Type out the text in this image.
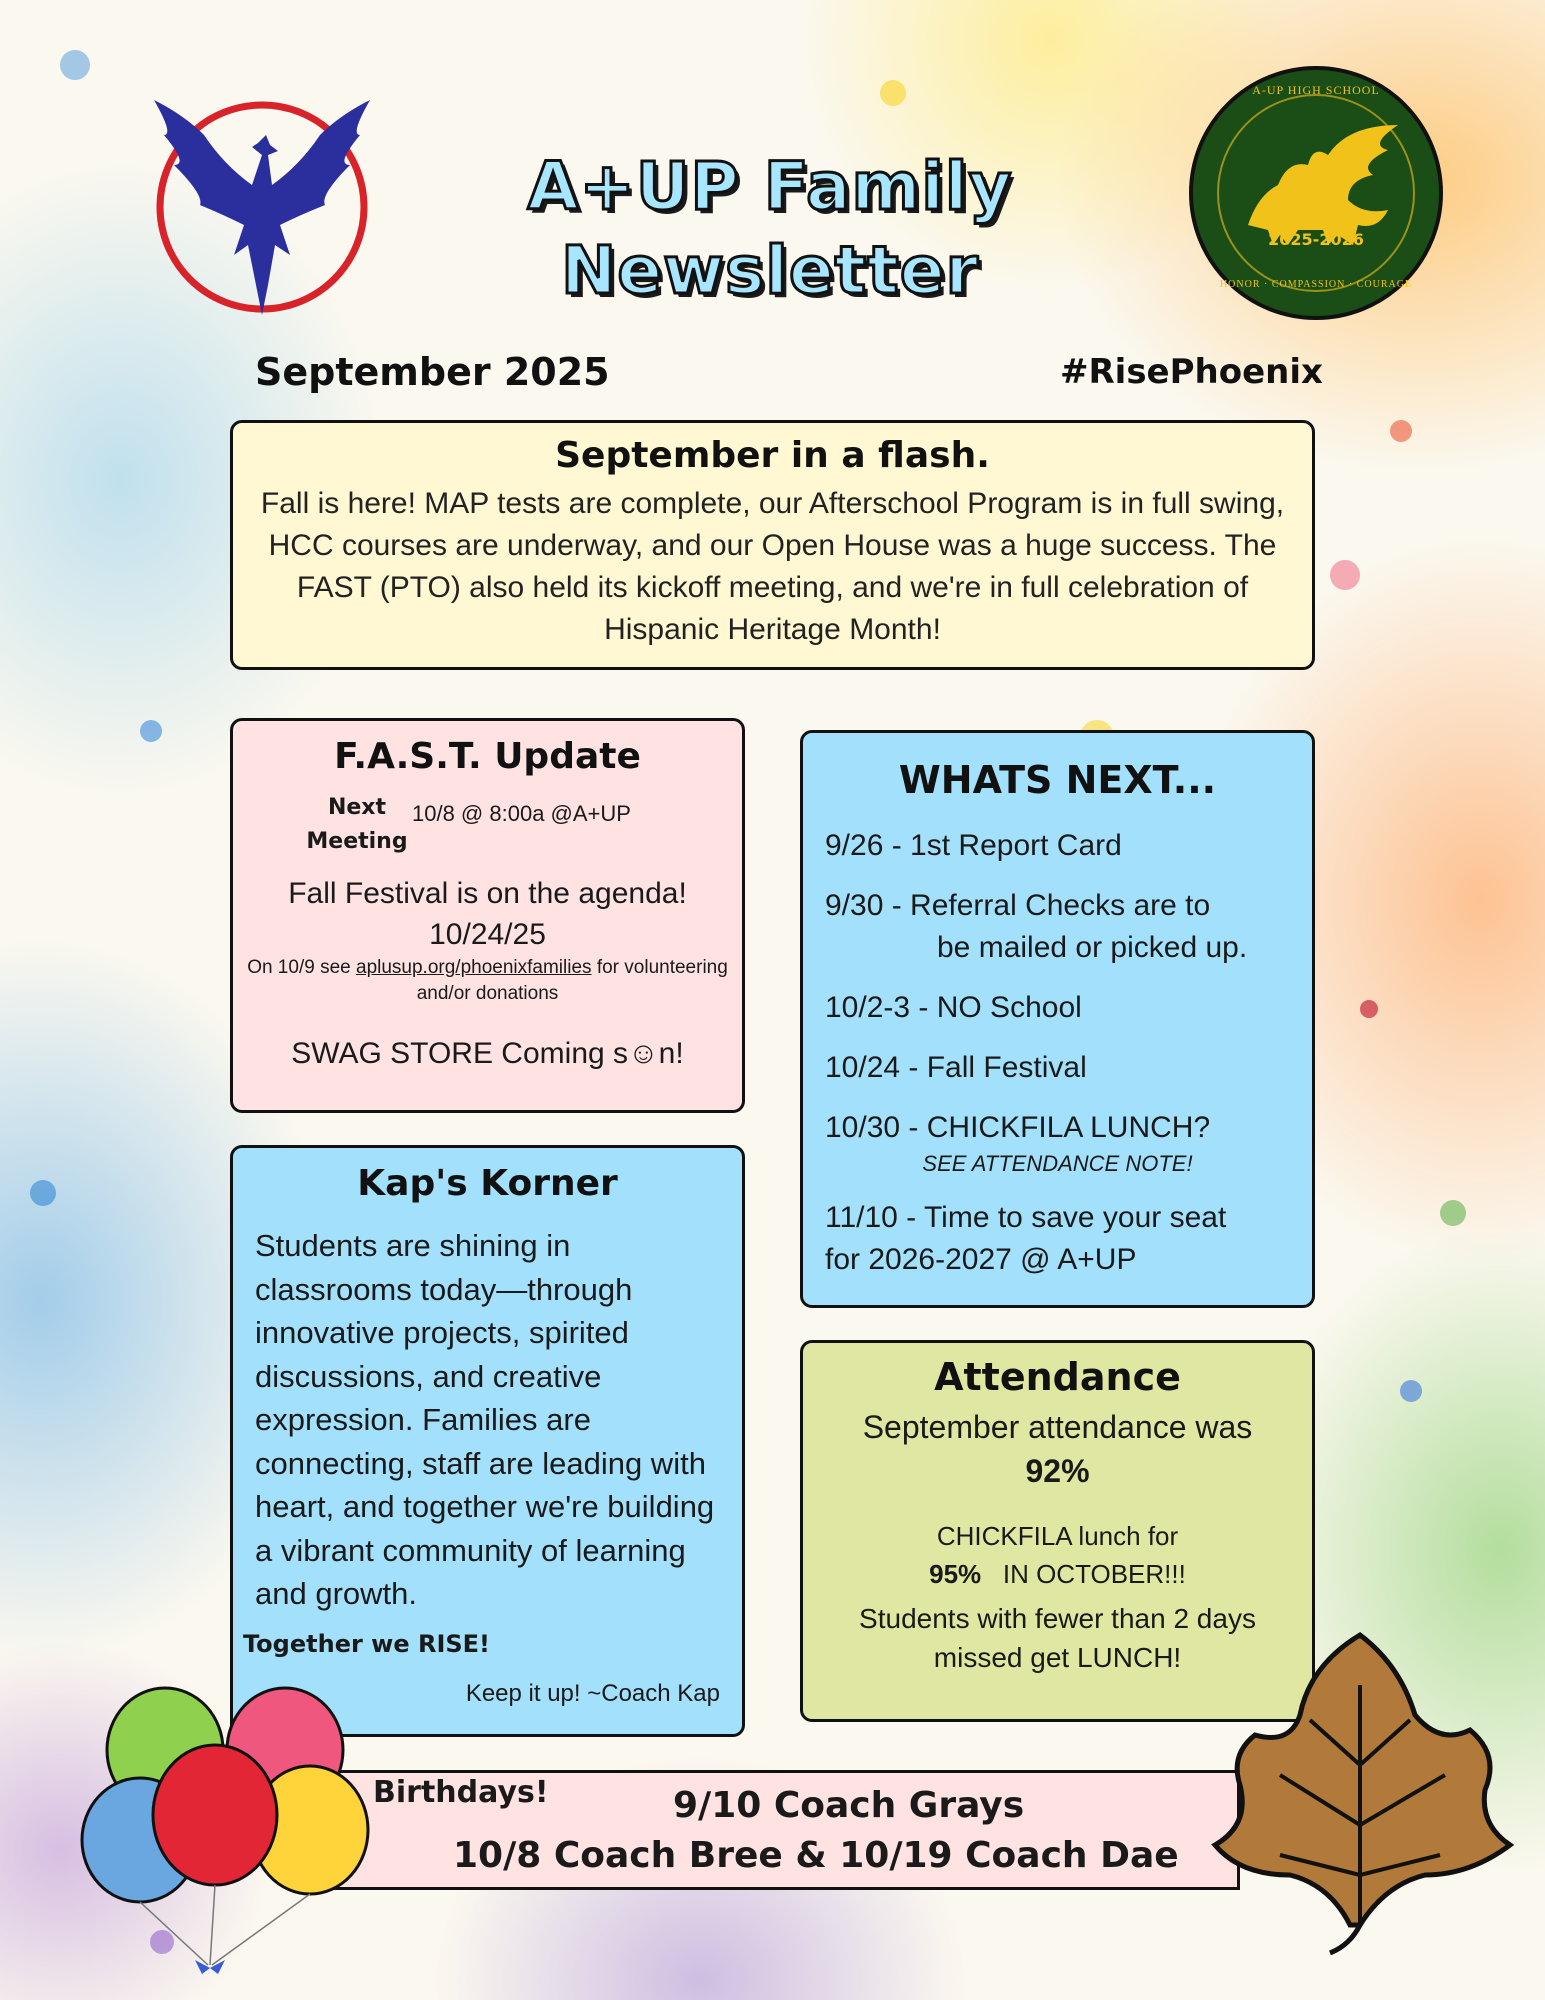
A+UP Family
Newsletter
A-UP HIGH SCHOOL
2025-2026
HONOR · COMPASSION · COURAGE
September 2025	#RisePhoenix
September in a flash.

Fall is here! MAP tests are complete, our Afterschool Program is in full swing, HCC courses are underway, and our Open House was a huge success. The FAST (PTO) also held its kickoff meeting, and we're in full celebration of Hispanic Heritage Month!

F.A.S.T. Update
Next
Meeting
10/8 @ 8:00a @A+UP
Fall Festival is on the agenda!
10/24/25
On 10/9 see aplusup.org/phoenixfamilies for volunteering and/or donations
SWAG STORE Coming s☺n!
Kap's Korner
Students are shining in classrooms today—through innovative projects, spirited discussions, and creative expression. Families are connecting, staff are leading with heart, and together we're building a vibrant community of learning and growth.
Together we RISE!
Keep it up! ~Coach Kap
WHATS NEXT...
9/26 - 1st Report Card
9/30 - Referral Checks are to
be mailed or picked up.
10/2-3 - NO School
10/24 - Fall Festival
10/30 - CHICKFILA LUNCH?
SEE ATTENDANCE NOTE!
11/10 - Time to save your seat
for 2026-2027 @ A+UP
Attendance
September attendance was
92%
CHICKFILA lunch for
95% IN OCTOBER!!!
Students with fewer than 2 days missed get LUNCH!
Birthdays!	9/10 Coach Grays
10/8 Coach Bree & 10/19 Coach Dae
